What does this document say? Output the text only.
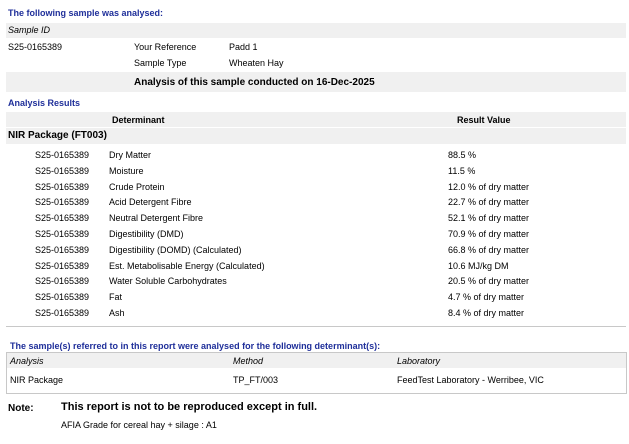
The following sample was analysed:
Sample ID
S25-0165389	Your Reference	Padd 1
Sample Type	Wheaten Hay
Analysis of this sample conducted on 16-Dec-2025
Analysis Results
Determinant	Result Value
NIR Package (FT003)
S25-0165389 Dry Matter	88.5 %
S25-0165389 Moisture	11.5 %
S25-0165389 Crude Protein	12.0 % of dry matter
S25-0165389 Acid Detergent Fibre	22.7 % of dry matter
S25-0165389 Neutral Detergent Fibre	52.1 % of dry matter
S25-0165389 Digestibility (DMD)	70.9 % of dry matter
S25-0165389 Digestibility (DOMD) (Calculated)	66.8 % of dry matter
S25-0165389 Est. Metabolisable Energy (Calculated)	10.6 MJ/kg DM
S25-0165389 Water Soluble Carbohydrates	20.5 % of dry matter
S25-0165389 Fat	4.7 % of dry matter
S25-0165389 Ash	8.4 % of dry matter
The sample(s) referred to in this report were analysed for the following determinant(s):
Analysis	Method	Laboratory
NIR Package	TP_FT/003	FeedTest Laboratory - Werribee, VIC
Note: This report is not to be reproduced except in full.
AFIA Grade for cereal hay + silage : A1
